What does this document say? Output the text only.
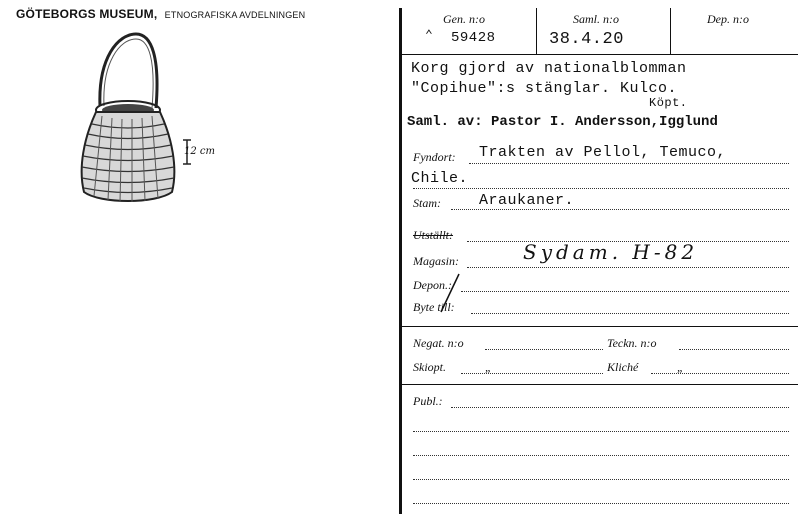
GÖTEBORGS MUSEUM, ETNOGRAFISKA AVDELNINGEN
12 cm
Gen. n:o	Saml. n:o	Dep. n:o
⌃ 59428	38.4.20
Korg gjord av nationalblomman
"Copihue":s stänglar. Kulco.
Köpt.
Saml. av: Pastor I. Andersson,Igglund
Fyndort: Trakten av Pellol, Temuco,
Chile.
Stam:	Araukaner.
Utställt:
Magasin:	Sydam. H-82
Depon.:
Byte till:
Negat. n:o	Teckn. n:o
Skiopt.	„	Kliché	„
Publ.:
